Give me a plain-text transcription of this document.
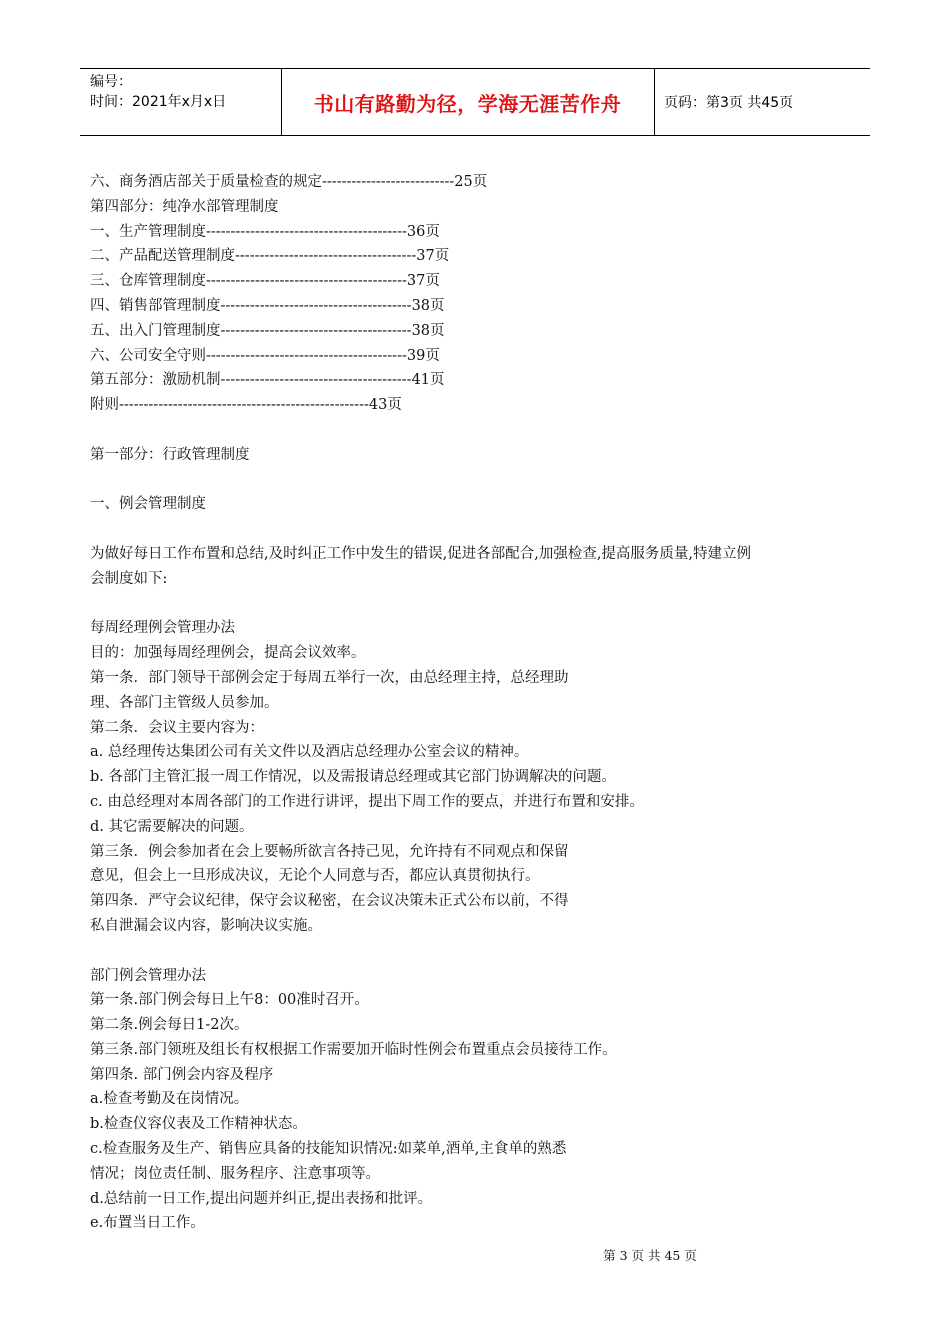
编号：
时间：2021年x月x日	书山有路勤为径，学海无涯苦作舟	页码：第3页 共45页
六、商务酒店部关于质量检查的规定---------------------------25页
第四部分：纯净水部管理制度
一、生产管理制度-----------------------------------------36页
二、产品配送管理制度-------------------------------------37页
三、仓库管理制度-----------------------------------------37页
四、销售部管理制度---------------------------------------38页
五、出入门管理制度---------------------------------------38页
六、公司安全守则-----------------------------------------39页
第五部分：激励机制---------------------------------------41页
附则---------------------------------------------------43页
第一部分：行政管理制度
一、例会管理制度
为做好每日工作布置和总结,及时纠正工作中发生的错误,促进各部配合,加强检查,提高服务质量,特建立例
会制度如下:
每周经理例会管理办法
目的：加强每周经理例会，提高会议效率。
第一条．部门领导干部例会定于每周五举行一次，由总经理主持，总经理助
理、各部门主管级人员参加。
第二条．会议主要内容为：
a. 总经理传达集团公司有关文件以及酒店总经理办公室会议的精神。
b. 各部门主管汇报一周工作情况，以及需报请总经理或其它部门协调解决的问题。
c. 由总经理对本周各部门的工作进行讲评，提出下周工作的要点，并进行布置和安排。
d. 其它需要解决的问题。
第三条．例会参加者在会上要畅所欲言各持己见，允许持有不同观点和保留
意见，但会上一旦形成决议，无论个人同意与否，都应认真贯彻执行。
第四条．严守会议纪律，保守会议秘密，在会议决策未正式公布以前，不得
私自泄漏会议内容，影响决议实施。
部门例会管理办法
第一条.部门例会每日上午8：00准时召开。
第二条.例会每日1-2次。
第三条.部门领班及组长有权根据工作需要加开临时性例会布置重点会员接待工作。
第四条. 部门例会内容及程序
a.检查考勤及在岗情况。
b.检查仪容仪表及工作精神状态。
c.检查服务及生产、销售应具备的技能知识情况:如菜单,酒单,主食单的熟悉
情况；岗位责任制、服务程序、注意事项等。
d.总结前一日工作,提出问题并纠正,提出表扬和批评。
e.布置当日工作。
第 3 页 共 45 页
